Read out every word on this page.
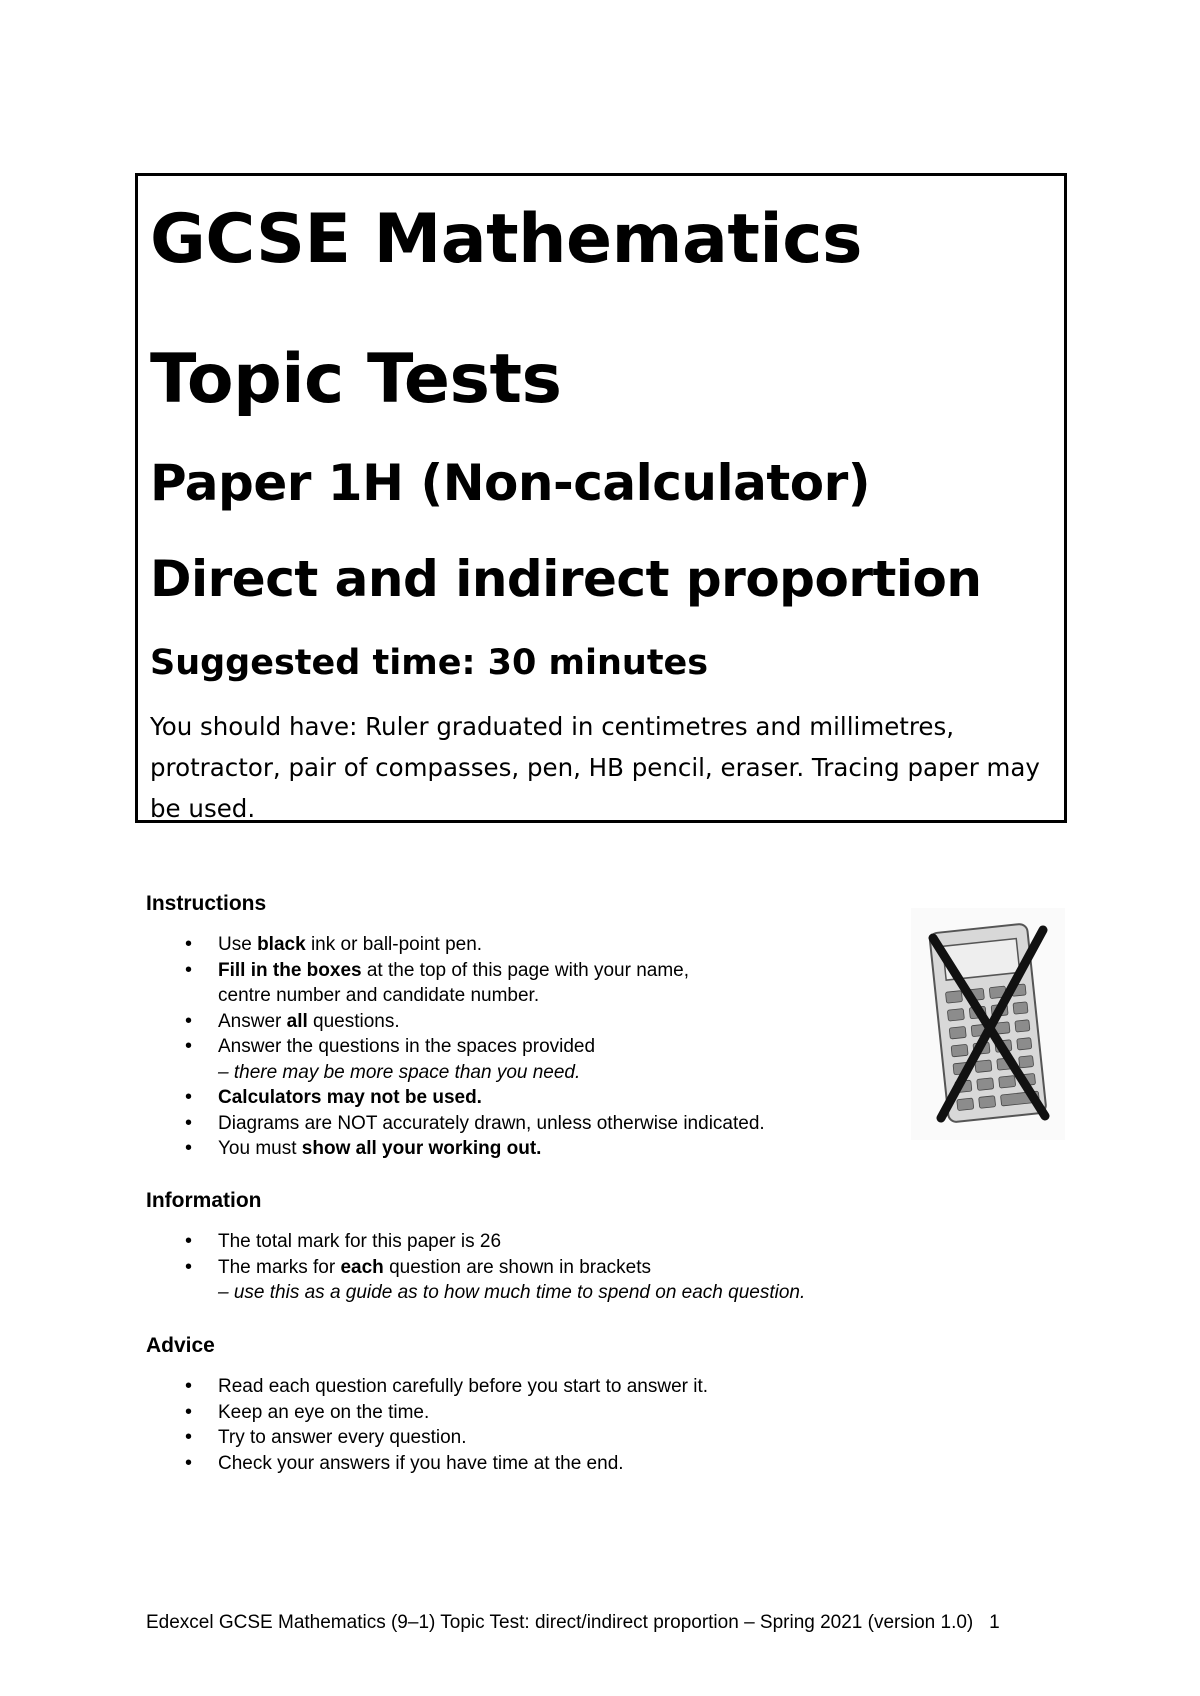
GCSE Mathematics
Topic Tests
Paper 1H (Non-calculator)
Direct and indirect proportion
Suggested time: 30 minutes
You should have: Ruler graduated in centimetres and millimetres, protractor, pair of compasses, pen, HB pencil, eraser. Tracing paper may be used.
Instructions
• Use black ink or ball-point pen.
• Fill in the boxes at the top of this page with your name,
centre number and candidate number.
• Answer all questions.
• Answer the questions in the spaces provided
– there may be more space than you need.
• Calculators may not be used.
• Diagrams are NOT accurately drawn, unless otherwise indicated.
• You must show all your working out.
Information
• The total mark for this paper is 26
• The marks for each question are shown in brackets
– use this as a guide as to how much time to spend on each question.
Advice
• Read each question carefully before you start to answer it.
• Keep an eye on the time.
• Try to answer every question.
• Check your answers if you have time at the end.
Edexcel GCSE Mathematics (9–1) Topic Test: direct/indirect proportion – Spring 2021 (version 1.0) 1
